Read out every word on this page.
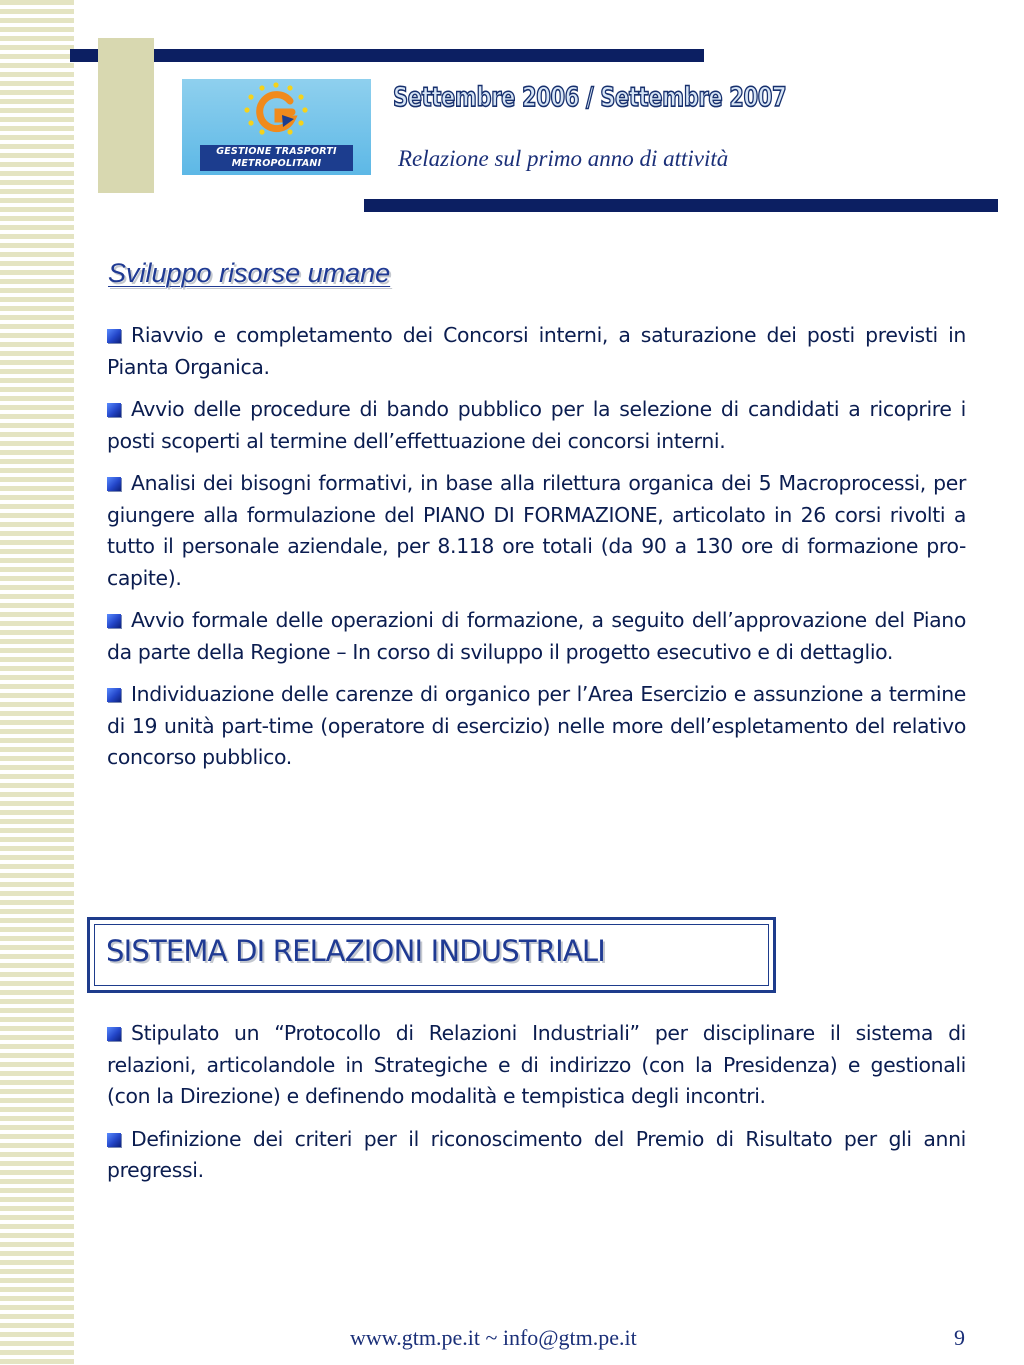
GESTIONE TRASPORTI
METROPOLITANI
Settembre 2006 / Settembre 2007
Relazione sul primo anno di attività
Sviluppo risorse umane

Riavvio e completamento dei Concorsi interni, a saturazione dei posti previsti in Pianta Organica.

Avvio delle procedure di bando pubblico per la selezione di candidati a ricoprire i posti scoperti al termine dell’effettuazione dei concorsi interni.

Analisi dei bisogni formativi, in base alla rilettura organica dei 5 Macroprocessi, per giungere alla formulazione del PIANO DI FORMAZIONE, articolato in 26 corsi rivolti a tutto il personale aziendale, per 8.118 ore totali (da 90 a 130 ore di formazione pro-capite).

Avvio formale delle operazioni di formazione, a seguito dell’approvazione del Piano da parte della Regione – In corso di sviluppo il progetto esecutivo e di dettaglio.

Individuazione delle carenze di organico per l’Area Esercizio e assunzione a termine di 19 unità part-time (operatore di esercizio) nelle more dell’espletamento del relativo concorso pubblico.

SISTEMA DI RELAZIONI INDUSTRIALI

Stipulato un “Protocollo di Relazioni Industriali” per disciplinare il sistema di relazioni, articolandole in Strategiche e di indirizzo (con la Presidenza) e gestionali (con la Direzione) e definendo modalità e tempistica degli incontri.

Definizione dei criteri per il riconoscimento del Premio di Risultato per gli anni pregressi.

www.gtm.pe.it ~ info@gtm.pe.it	9
